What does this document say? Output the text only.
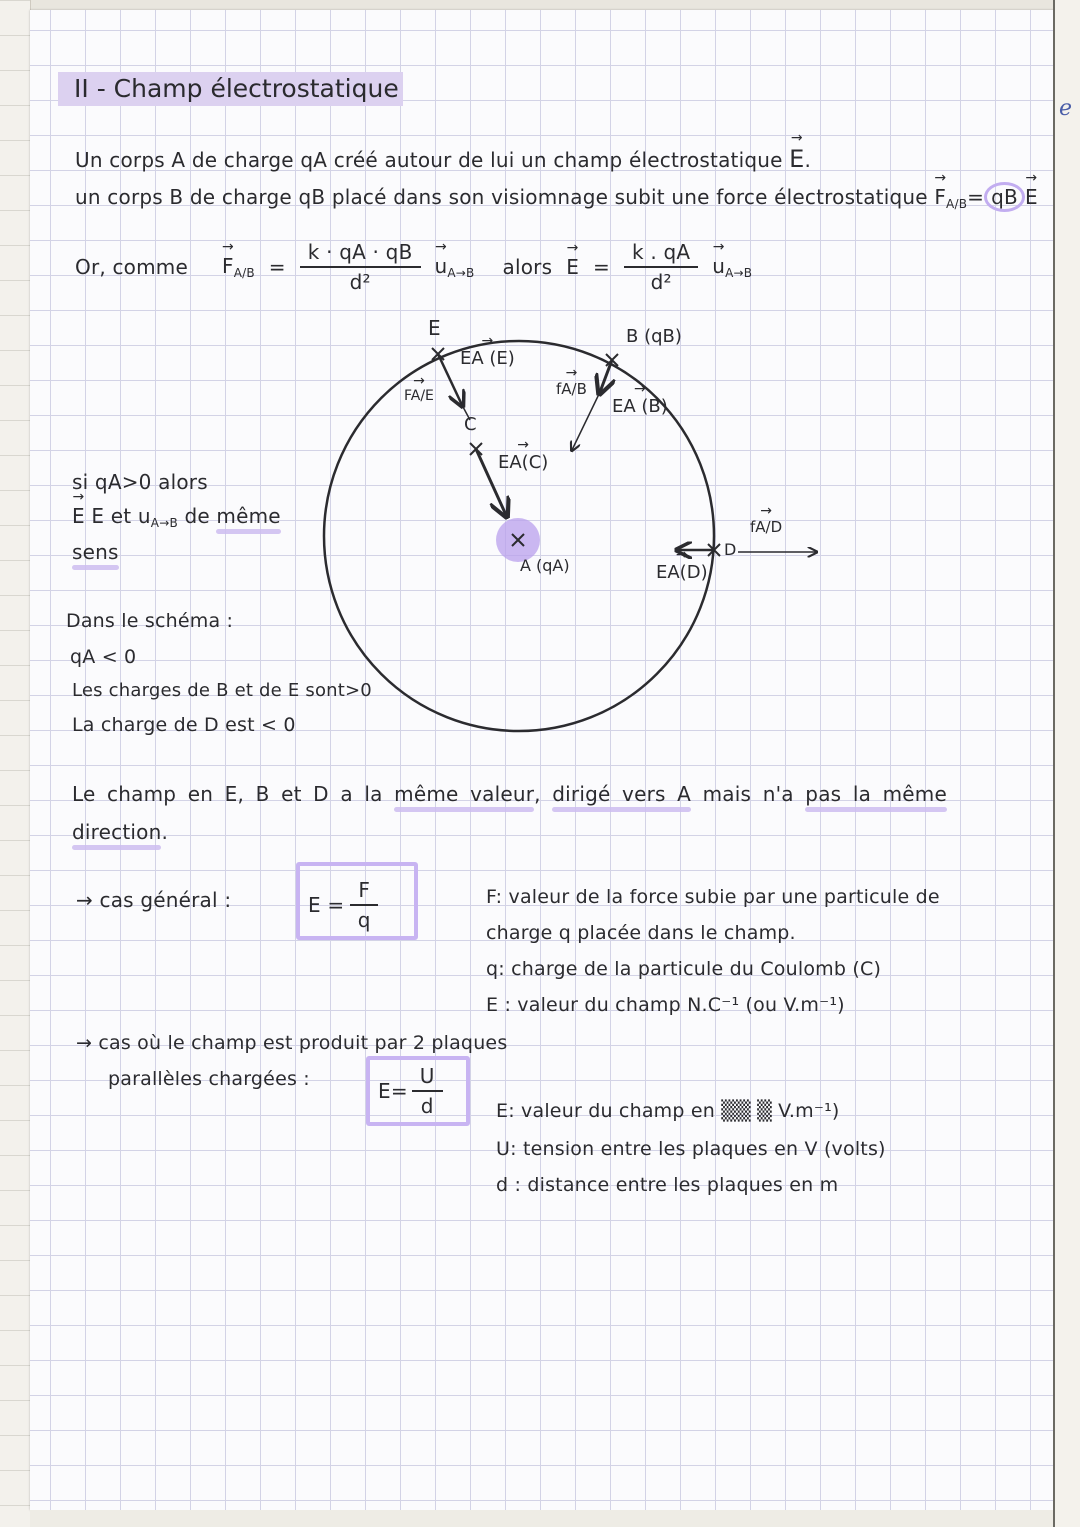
e
II - Champ électrostatique
Un corps A de charge qA créé autour de lui un champ électrostatique → E.
un corps B de charge qB placé dans son visiomnage subit une force électrostatique → $F_{A/B}=$ qB → E
Or, comme → $F_{A/B} = \frac{k \cdot qA \cdot qB}{\text{d²}} \to u_{A\to B}$ alors → $E = \frac{k . qA}{\text{d²}} \to u_{A\to B}$
E	B (qB)
→ EA (E)
→ FA/E	→ fA/B
→ EA (B)
C
→ EA(C)
A (qA)
D
→ fA/D
→ EA(D)
si qA>0 alors
→ E E et $u_{A\to B}$ de même
sens
Dans le schéma :
qA < 0
Les charges de B et de E sont>0
La charge de D est < 0
Le champ en E, B et D a la même valeur, dirigé vers A mais n'a pas la même
direction.
→ cas général :	$E = \frac{F}{q}$	F: valeur de la force subie par une particule de
charge q placée dans le champ.
q: charge de la particule du Coulomb (C)
E : valeur du champ N.C⁻¹ (ou V.m⁻¹)
→ cas où le champ est produit par 2 plaques
parallèles chargées :	$E= \frac{U}{d}$	E: valeur du champ en ▒▒ ▒ V.m⁻¹)
U: tension entre les plaques en V (volts)
d : distance entre les plaques en m
